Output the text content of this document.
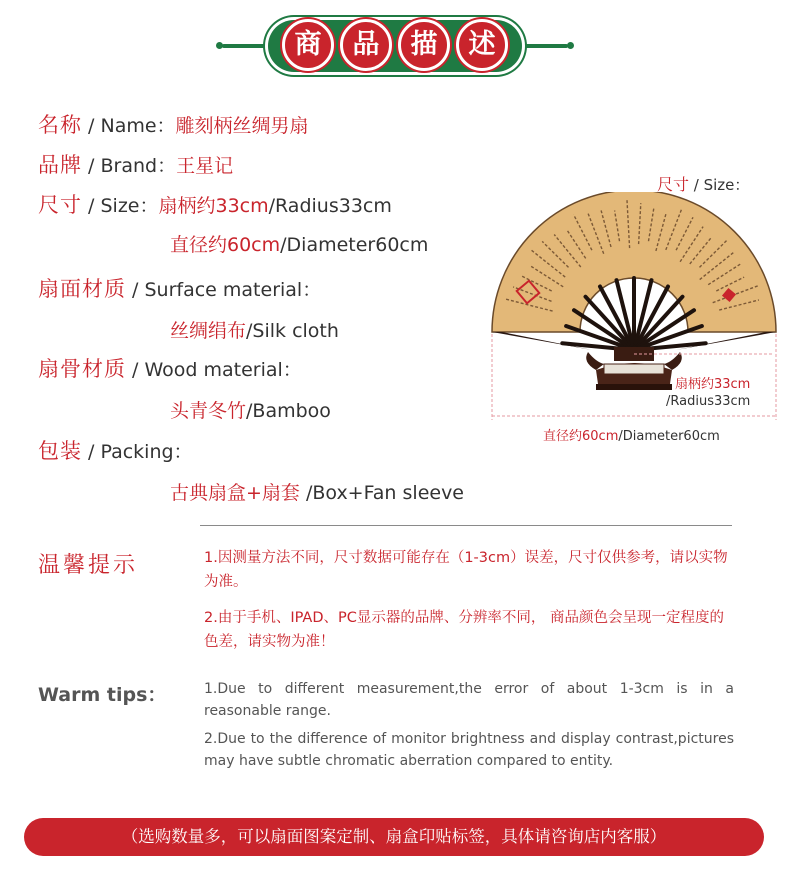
商	品	描	述
名称 / Name：雕刻柄丝绸男扇
品牌 / Brand：王星记
尺寸 / Size：扇柄约33cm/Radius33cm
直径约60cm/Diameter60cm
扇面材质 / Surface material：
丝绸绢布/Silk cloth
扇骨材质 / Wood material：
头青冬竹/Bamboo
包装 / Packing：
古典扇盒+扇套 /Box+Fan sleeve
尺寸 / Size：
扇柄约33cm
/Radius33cm
直径约60cm/Diameter60cm
温馨提示	1.因测量方法不同，尺寸数据可能存在（1-3cm）误差，尺寸仅供参考，请以实物为准。
2.由于手机、IPAD、PC显示器的品牌、分辨率不同， 商品颜色会呈现一定程度的色差，请实物为准！
Warm tips：	1.Due to different measurement,the error of about 1-3cm is in a reasonable range.
2.Due to the difference of monitor brightness and display contrast,pictures may have subtle chromatic aberration compared to entity.
（选购数量多，可以扇面图案定制、扇盒印贴标签，具体请咨询店内客服）
